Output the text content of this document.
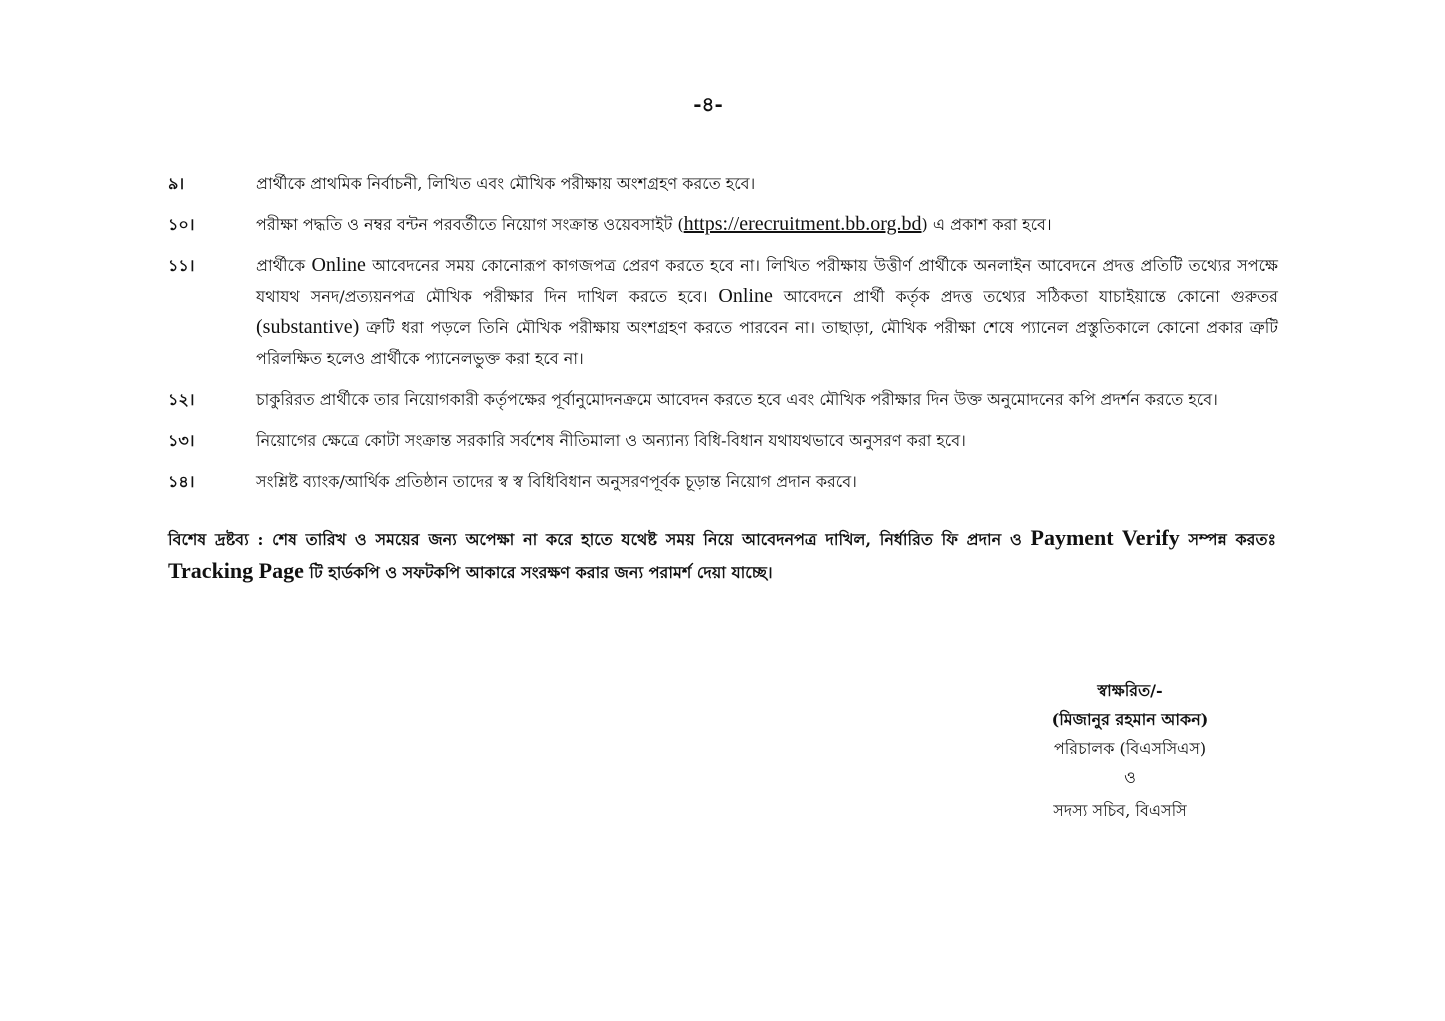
-৪-
৯।	প্রার্থীকে প্রাথমিক নির্বাচনী, লিখিত এবং মৌখিক পরীক্ষায় অংশগ্রহণ করতে হবে।
১০।	পরীক্ষা পদ্ধতি ও নম্বর বন্টন পরবর্তীতে নিয়োগ সংক্রান্ত ওয়েবসাইট (https://erecruitment.bb.org.bd) এ প্রকাশ করা হবে।
১১।	প্রার্থীকে Online আবেদনের সময় কোনোরূপ কাগজপত্র প্রেরণ করতে হবে না। লিখিত পরীক্ষায় উত্তীর্ণ প্রার্থীকে অনলাইন আবেদনে প্রদত্ত প্রতিটি তথ্যের সপক্ষে যথাযথ সনদ/প্রত্যয়নপত্র মৌখিক পরীক্ষার দিন দাখিল করতে হবে। Online আবেদনে প্রার্থী কর্তৃক প্রদত্ত তথ্যের সঠিকতা যাচাইয়ান্তে কোনো গুরুতর (substantive) ত্রুটি ধরা পড়লে তিনি মৌখিক পরীক্ষায় অংশগ্রহণ করতে পারবেন না। তাছাড়া, মৌখিক পরীক্ষা শেষে প্যানেল প্রস্তুতিকালে কোনো প্রকার ত্রুটি পরিলক্ষিত হলেও প্রার্থীকে প্যানেলভুক্ত করা হবে না।
১২।	চাকুরিরত প্রার্থীকে তার নিয়োগকারী কর্তৃপক্ষের পূর্বানুমোদনক্রমে আবেদন করতে হবে এবং মৌখিক পরীক্ষার দিন উক্ত অনুমোদনের কপি প্রদর্শন করতে হবে।
১৩।	নিয়োগের ক্ষেত্রে কোটা সংক্রান্ত সরকারি সর্বশেষ নীতিমালা ও অন্যান্য বিধি-বিধান যথাযথভাবে অনুসরণ করা হবে।
১৪।	সংশ্লিষ্ট ব্যাংক/আর্থিক প্রতিষ্ঠান তাদের স্ব স্ব বিধিবিধান অনুসরণপূর্বক চূড়ান্ত নিয়োগ প্রদান করবে।
বিশেষ দ্রষ্টব্য : শেষ তারিখ ও সময়ের জন্য অপেক্ষা না করে হাতে যথেষ্ট সময় নিয়ে আবেদনপত্র দাখিল, নির্ধারিত ফি প্রদান ও Payment Verify সম্পন্ন করতঃ Tracking Page টি হার্ডকপি ও সফটকপি আকারে সংরক্ষণ করার জন্য পরামর্শ দেয়া যাচ্ছে।
স্বাক্ষরিত/-
(মিজানুর রহমান আকন)
পরিচালক (বিএসসিএস)
ও
সদস্য সচিব, বিএসসি
